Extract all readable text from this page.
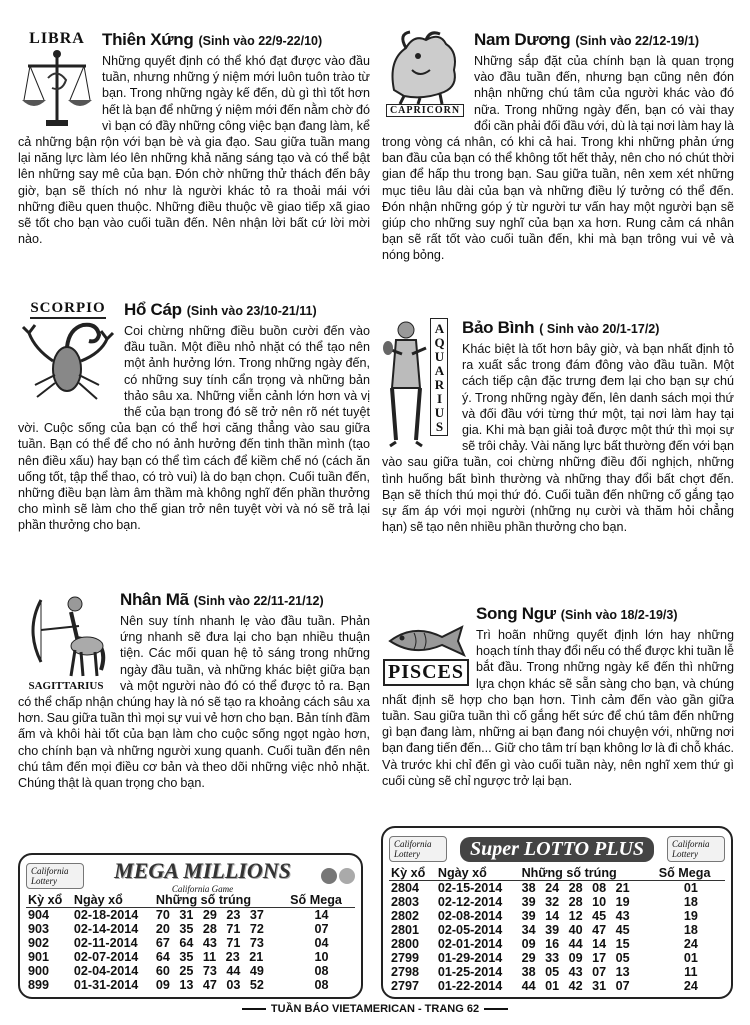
LIBRA Thiên Xứng (Sinh vào 22/9-22/10)
Những quyết định có thể khó đạt được vào đầu tuần, nhưng những ý niệm mới luôn tuôn trào từ bạn. Trong những ngày kế đến, dù gì thì tốt hơn hết là bạn để những ý niệm mới đến nằm chờ đó vì bạn có đầy những công việc bạn đang làm, kể cả những bận rộn với bạn bè và gia đạo. Sau giữa tuần mang lại năng lực làm léo lên những khả năng sáng tạo và có thể bật lên những say mê của bạn. Đón chờ những thử thách đến bây giờ, bạn sẽ thích nó như là người khác tỏ ra thoải mái với những điều quen thuộc. Những điều thuộc về giao tiếp xã giao sẽ tốt cho bạn vào cuối tuần đến. Nên nhận lời bất cứ lời mời nào.
CAPRICORN
Nam Dương (Sinh vào 22/12-19/1)
Những sắp đặt của chính bạn là quan trọng vào đầu tuần đến, nhưng bạn cũng nên đón nhận những chú tâm của người khác vào đó nữa. Trong những ngày đến, bạn có vài thay đổi cần phải đối đầu với, dù là tại nơi làm hay là trong vòng cá nhân, có khi cả hai. Trong khi những phản ứng ban đầu của bạn có thể không tốt hết thảy, nên cho nó chút thời gian để hấp thu trong bạn. Sau giữa tuần, nên xem xét những mục tiêu lâu dài của bạn và những điều lý tưởng có thể đến. Đón nhận những góp ý từ người tư vấn hay một người bạn sẽ giúp cho những suy nghĩ của bạn xa hơn. Rung cảm cá nhân bạn sẽ rất tốt vào cuối tuần đến, khi mà bạn trông vui vẻ và nóng bỏng.
SCORPIO Hổ Cáp (Sinh vào 23/10-21/11)
Coi chừng những điều buồn cười đến vào đầu tuần. Một điều nhỏ nhặt có thể tạo nên một ảnh hưởng lớn. Trong những ngày đến, có những suy tính cẩn trọng và những bản thảo sâu xa. Những viễn cảnh lớn hơn và vị thế của bạn trong đó sẽ trở nên rõ nét tuyệt vời. Cuộc sống của bạn có thể hơi căng thẳng vào sau giữa tuần. Bạn có thể để cho nó ảnh hưởng đến tinh thần mình (tạo nên điều xấu) hay bạn có thể tìm cách để kiềm chế nó (cách ăn uống tốt, tập thể thao, có trò vui) là do bạn chọn. Cuối tuần đến, những điều bạn làm âm thầm mà không nghĩ đến phần thưởng cho mình sẽ làm cho thế gian trở nên tuyệt vời và nó sẽ trả lại phần thưởng cho bạn.
AQUARIUS Bảo Bình ( Sinh vào 20/1-17/2)
Khác biệt là tốt hơn bây giờ, và bạn nhất định tỏ ra xuất sắc trong đám đông vào đầu tuần. Một cách tiếp cận đặc trưng đem lại cho bạn sự chú ý. Trong những ngày đến, lên danh sách mọi thứ và đối đầu với từng thứ một, tại nơi làm hay tại gia. Khi mà bạn giải toả được một thứ thì mọi sự sẽ trôi chảy. Vài năng lực bất thường đến với bạn vào sau giữa tuần, coi chừng những điều đối nghịch, những tình huống bất bình thường và những thay đổi bất chợt đến. Bạn sẽ thích thú mọi thứ đó. Cuối tuần đến những cố gắng tạo sự ấm áp với mọi người (những nụ cười và thăm hỏi chẳng hạn) sẽ tạo nên nhiều phần thưởng cho bạn.
SAGITTARIUS
Nhân Mã (Sinh vào 22/11-21/12)
Nên suy tính nhanh lẹ vào đầu tuần. Phản ứng nhanh sẽ đưa lại cho bạn nhiều thuận tiện. Các mối quan hệ tỏ sáng trong những ngày đầu tuần, và những khác biệt giữa bạn và một người nào đó có thể được tỏ ra. Bạn có thể chấp nhận chúng hay là nó sẽ tạo ra khoảng cách sâu xa hơn. Sau giữa tuần thì mọi sự vui vẻ hơn cho bạn. Bản tính đầm ấm và khôi hài tốt của bạn làm cho cuộc sống ngọt ngào hơn, cho chính bạn và những người xung quanh. Cuối tuần đến nên chú tâm đến mọi điều cơ bản và theo dõi những việc nhỏ nhặt. Chúng thật là quan trọng cho bạn.
Song Ngư (Sinh vào 18/2-19/3)
PISCES
Trì hoãn những quyết định lớn hay những hoạch tính thay đổi nếu có thể được khi tuần lễ bắt đầu. Trong những ngày kế đến thì những lựa chọn khác sẽ sẵn sàng cho bạn, và chúng nhất định sẽ hợp cho bạn hơn. Tình cảm đến vào gần giữa tuần. Sau giữa tuần thì cố gắng hết sức để chú tâm đến những gì bạn đang làm, những ai bạn đang nói chuyện với, những nơi bạn đang tiến đến... Giữ cho tâm trí bạn không lơ là đi chỗ khác. Và trước khi chỉ đến gì vào cuối tuần này, nên nghĩ xem thứ gì cuối cùng sẽ chỉ ngược trở lại bạn.
California Lottery	MEGA MILLIONS
California Game
Kỳ xổ	Ngày xổ	Những số trúng	Số Mega
904	02-18-2014	70 31 29 23 37	14
903	02-14-2014	20 35 28 71 72	07
902	02-11-2014	67 64 43 71 73	04
901	02-07-2014	64 35 11 23 21	10
900	02-04-2014	60 25 73 44 49	08
899	01-31-2014	09 13 47 03 52	08
California Lottery	Super LOTTO PLUS	California Lottery
Kỳ xổ	Ngày xổ	Những số trúng	Số Mega
2804	02-15-2014	38 24 28 08 21	01
2803	02-12-2014	39 32 28 10 19	18
2802	02-08-2014	39 14 12 45 43	19
2801	02-05-2014	34 39 40 47 45	18
2800	02-01-2014	09 16 44 14 15	24
2799	01-29-2014	29 33 09 17 05	01
2798	01-25-2014	38 05 43 07 13	11
2797	01-22-2014	44 01 42 31 07	24
TUẦN BÁO VIETAMERICAN - TRANG 62
